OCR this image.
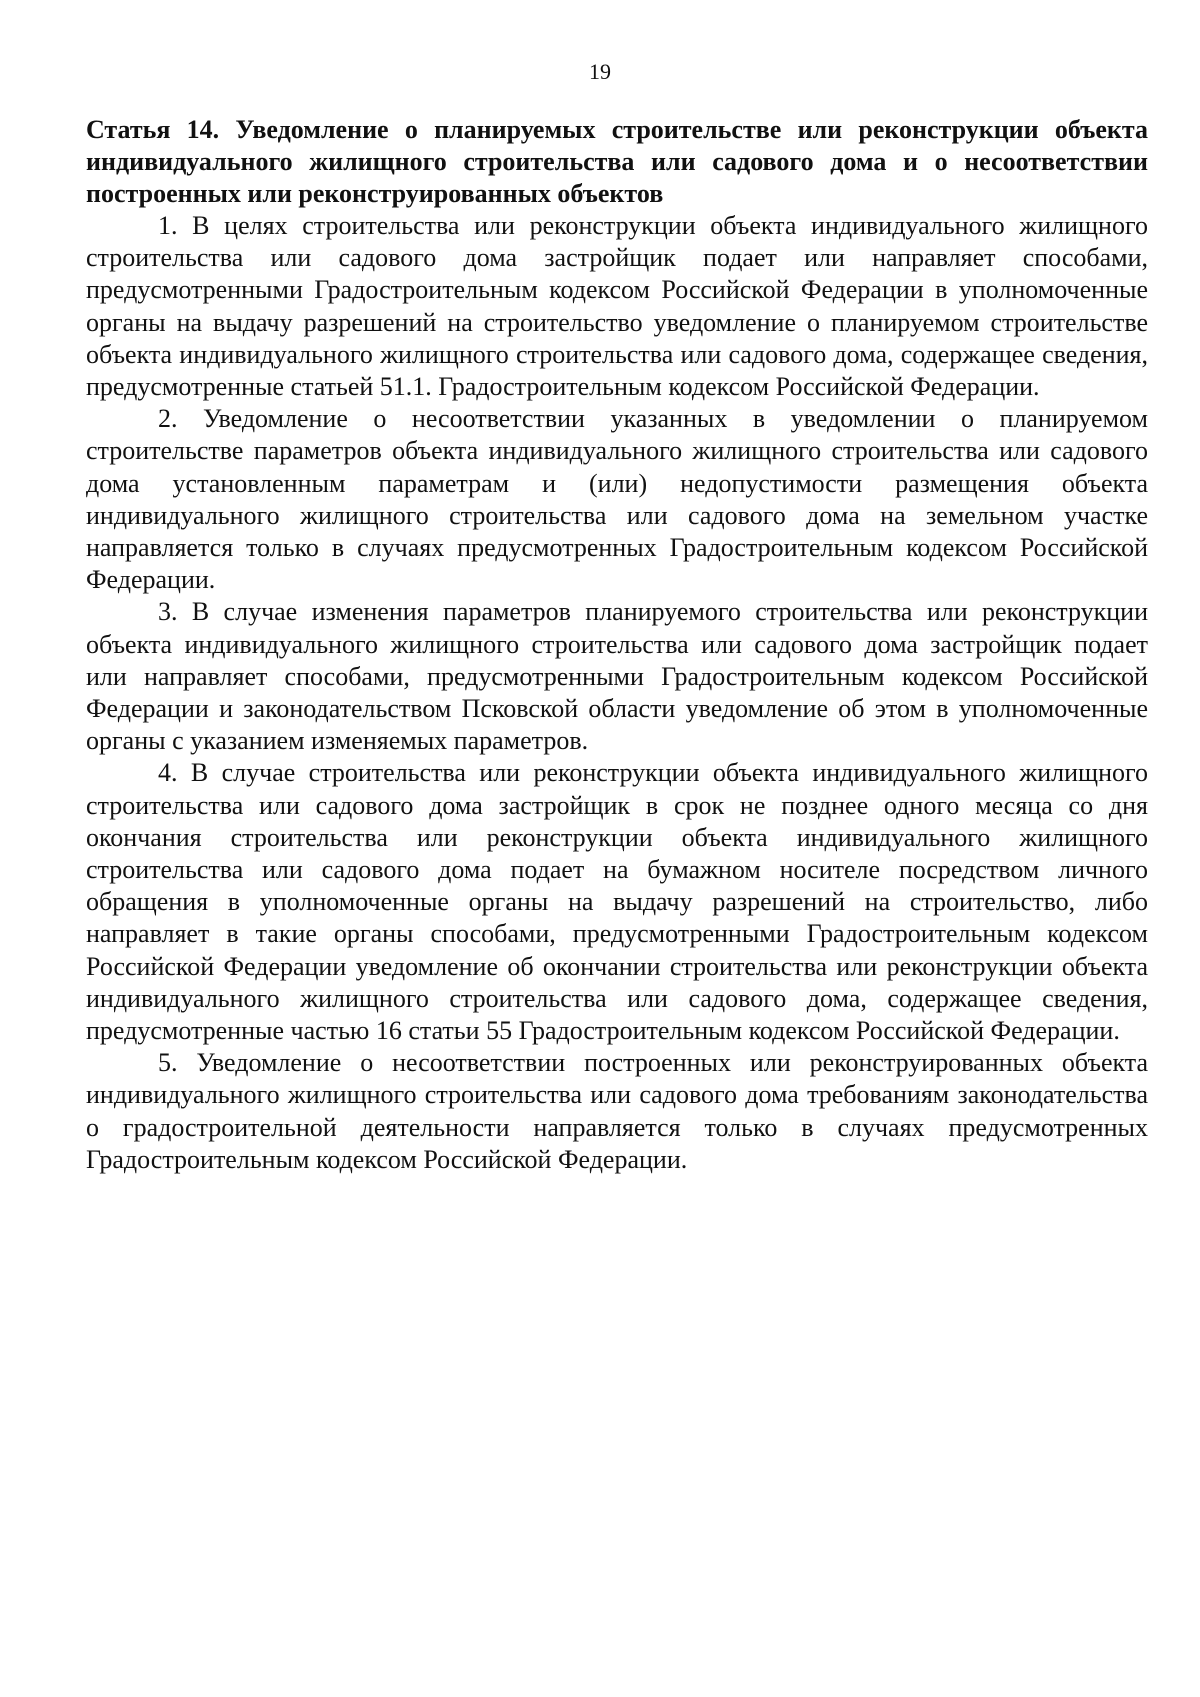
19

Статья 14. Уведомление о планируемых строительстве или реконструкции объекта индивидуального жилищного строительства или садового дома и о несоответствии построенных или реконструированных объектов

1. В целях строительства или реконструкции объекта индивидуального жилищного строительства или садового дома застройщик подает или направляет способами, предусмотренными Градостроительным кодексом Российской Федерации в уполномоченные органы на выдачу разрешений на строительство уведомление о планируемом строительстве объекта индивидуального жилищного строительства или садового дома, содержащее сведения, предусмотренные статьей 51.1. Градостроительным кодексом Российской Федерации.

2. Уведомление о несоответствии указанных в уведомлении о планируемом строительстве параметров объекта индивидуального жилищного строительства или садового дома установленным параметрам и (или) недопустимости размещения объекта индивидуального жилищного строительства или садового дома на земельном участке направляется только в случаях предусмотренных Градостроительным кодексом Российской Федерации.

3. В случае изменения параметров планируемого строительства или реконструкции объекта индивидуального жилищного строительства или садового дома застройщик подает или направляет способами, предусмотренными Градостроительным кодексом Российской Федерации и законодательством Псковской области уведомление об этом в уполномоченные органы с указанием изменяемых параметров.

4. В случае строительства или реконструкции объекта индивидуального жилищного строительства или садового дома застройщик в срок не позднее одного месяца со дня окончания строительства или реконструкции объекта индивидуального жилищного строительства или садового дома подает на бумажном носителе посредством личного обращения в уполномоченные органы на выдачу разрешений на строительство, либо направляет в такие органы способами, предусмотренными Градостроительным кодексом Российской Федерации уведомление об окончании строительства или реконструкции объекта индивидуального жилищного строительства или садового дома, содержащее сведения, предусмотренные частью 16 статьи 55 Градостроительным кодексом Российской Федерации.

5. Уведомление о несоответствии построенных или реконструированных объекта индивидуального жилищного строительства или садового дома требованиям законодательства о градостроительной деятельности направляется только в случаях предусмотренных Градостроительным кодексом Российской Федерации.
